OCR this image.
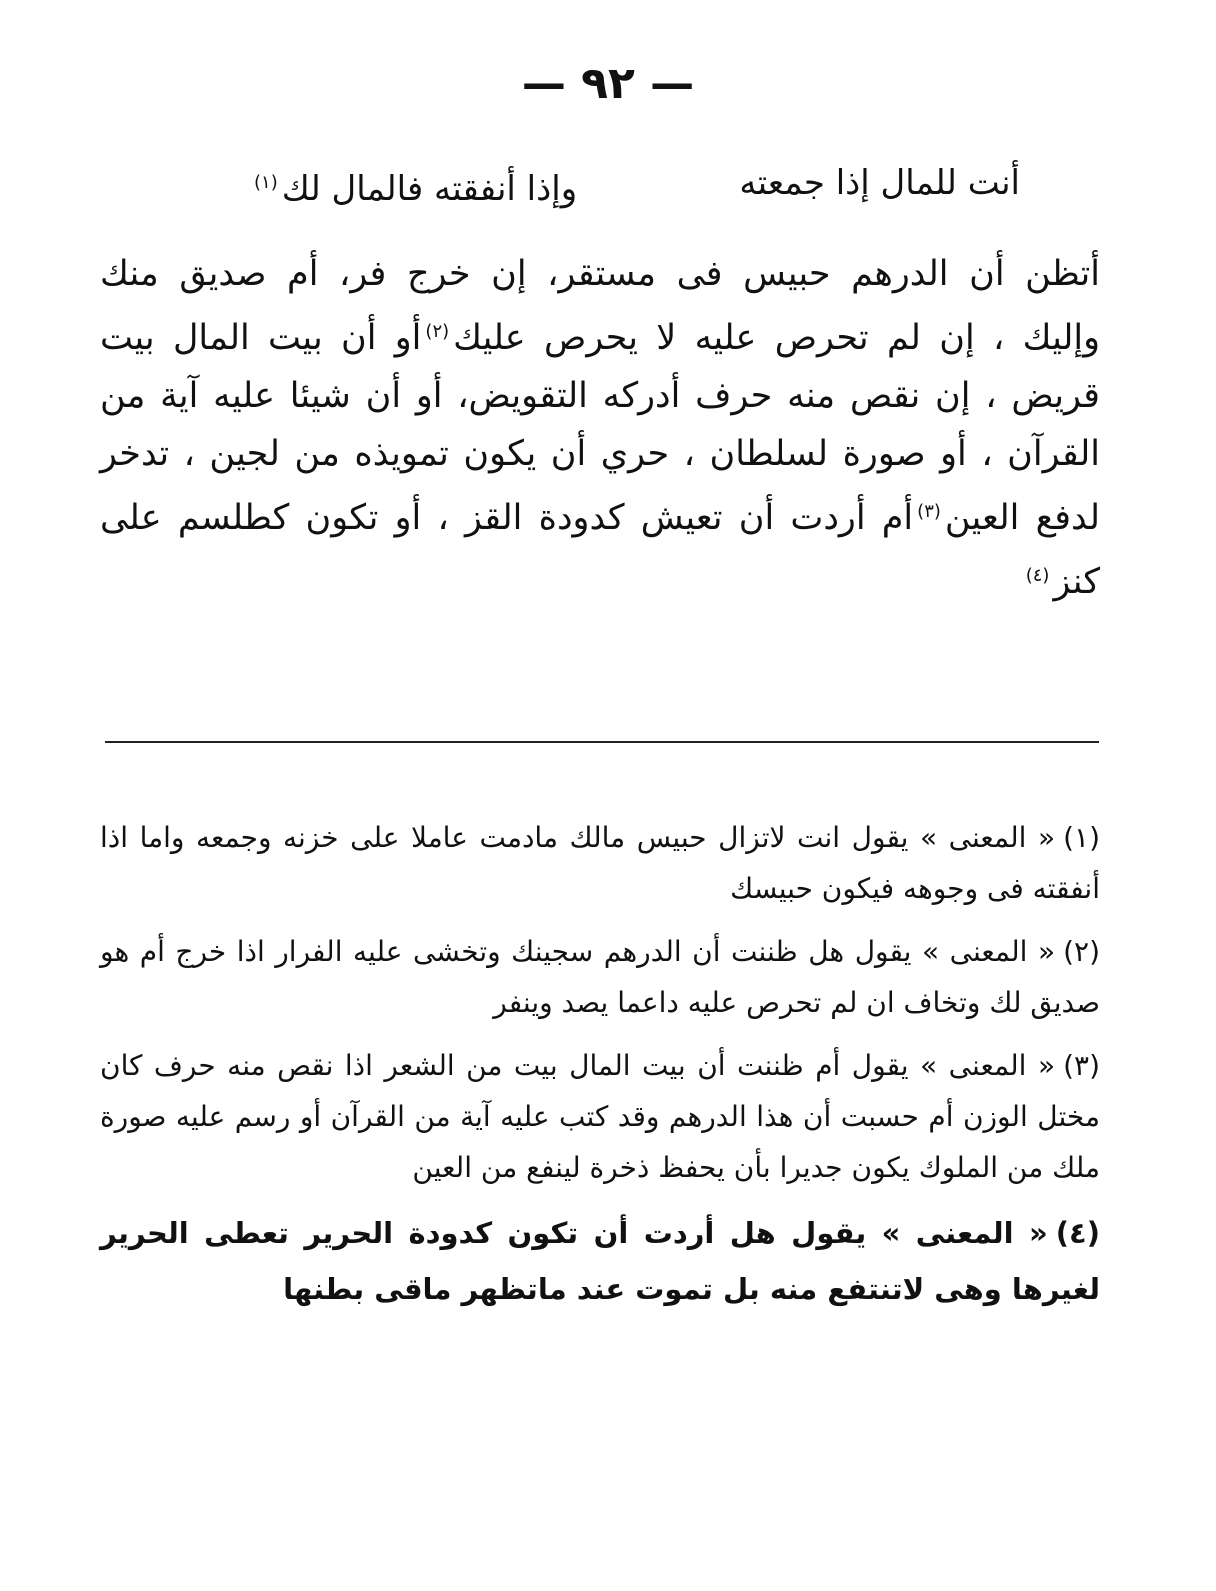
— ٩٢ —
أنت للمال إذا جمعته
وإذا أنفقته فالمال لك$^{(١)}$

أتظن أن الدرهم حبيس فى مستقر، إن خرج فر، أم صديق منك وإليك ، إن لم تحرص عليه لا يحرص عليك$^{(٢)}$أو أن بيت المال بيت قريض ، إن نقص منه حرف أدركه التقويض، أو أن شيئا عليه آية من القرآن ، أو صورة لسلطان ، حري أن يكون تمويذه من لجين ، تدخر لدفع العين$^{(٣)}$أم أردت أن تعيش كدودة القز ، أو تكون كطلسم على كنز$^{(٤)}$

(١)« المعنى » يقول انت لاتزال حبيس مالك مادمت عاملا على خزنه وجمعه واما اذا أنفقته فى وجوهه فيكون حبيسك

(٢)« المعنى » يقول هل ظننت أن الدرهم سجينك وتخشى عليه الفرار اذا خرج أم هو صديق لك وتخاف ان لم تحرص عليه داعما يصد وينفر

(٣)« المعنى » يقول أم ظننت أن بيت المال بيت من الشعر اذا نقص منه حرف كان مختل الوزن أم حسبت أن هذا الدرهم وقد كتب عليه آية من القرآن أو رسم عليه صورة ملك من الملوك يكون جديرا بأن يحفظ ذخرة لينفع من العين

(٤)« المعنى » يقول هل أردت أن تكون كدودة الحرير تعطى الحرير لغيرها وهى لاتنتفع منه بل تموت عند ماتظهر ماقى بطنها
